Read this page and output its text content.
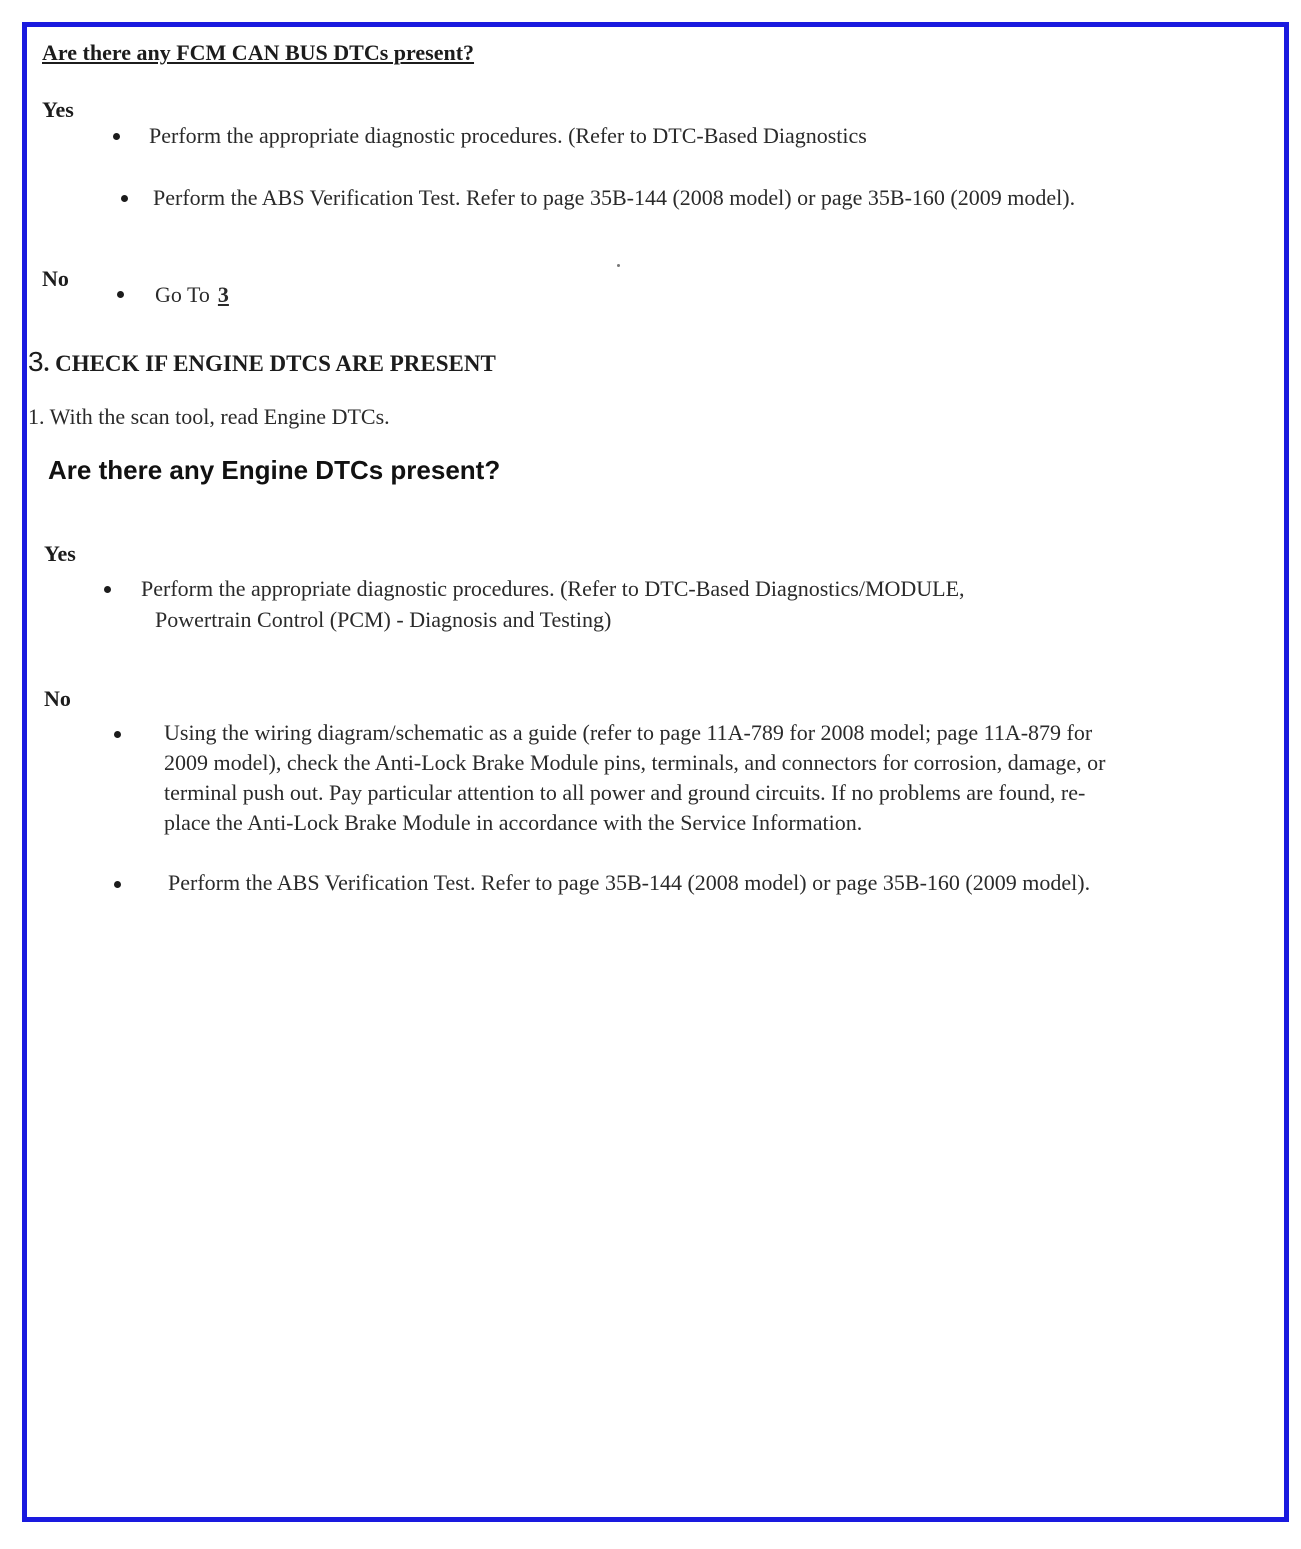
Are there any FCM CAN BUS DTCs present?
Yes
Perform the appropriate diagnostic procedures. (Refer to DTC-Based Diagnostics
Perform the ABS Verification Test. Refer to page 35B-144 (2008 model) or page 35B-160 (2009 model).
No
Go To 3
3. CHECK IF ENGINE DTCS ARE PRESENT
1. With the scan tool, read Engine DTCs.
Are there any Engine DTCs present?
Yes
Perform the appropriate diagnostic procedures. (Refer to DTC-Based Diagnostics/MODULE,
Powertrain Control (PCM) - Diagnosis and Testing)
No
Using the wiring diagram/schematic as a guide (refer to page 11A-789 for 2008 model; page 11A-879 for
2009 model), check the Anti-Lock Brake Module pins, terminals, and connectors for corrosion, damage, or
terminal push out. Pay particular attention to all power and ground circuits. If no problems are found, re-
place the Anti-Lock Brake Module in accordance with the Service Information.
Perform the ABS Verification Test. Refer to page 35B-144 (2008 model) or page 35B-160 (2009 model).
